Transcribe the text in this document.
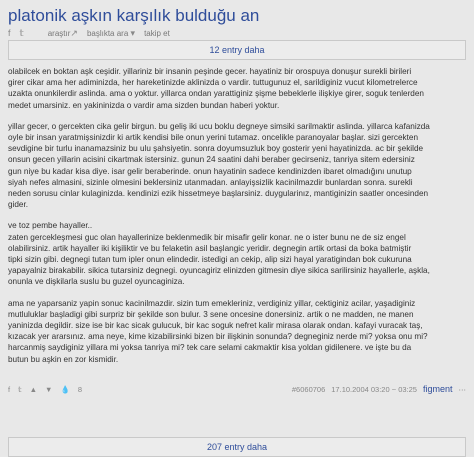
platonik aşkın karşılık bulduğu an
f 𝕥	araştır↗ başlıkta ara ▾ takip et
12 entry daha

olabilcek en boktan aşk ceşidir. yillariniz bir insanin peşinde gecer. hayatiniz bir orospuya donuşur surekli birileri
girer cikar ama her adiminizda, her hareketinizde aklinizda o vardir. tuttugunuz el, sarildiginiz vucut kilometrelerce
uzakta onunkilerdir aslinda. ama o yoktur. yillarca ondan yarattiginiz şişme bebeklerle ilişkiye girer, soguk tenlerden
medet umarsiniz. en yakininizda o vardir ama sizden bundan haberi yoktur.

yillar gecer, o gercekten cika gelir birgun. bu geliş iki ucu boklu degneye simsiki sarilmaktir aslinda. yillarca kafanizda
oyle bir insan yaratmişsinizdir ki artik kendisi bile onun yerini tutamaz. oncelikle paranoyalar başlar. sizi gercekten
sevdigine bir turlu inanamazsiniz bu ulu şahsiyetin. sonra doyumsuzluk boy gosterir yeni hayatinizda. ac bir şekilde
onsun gecen yillarin acisini cikartmak istersiniz. gunun 24 saatini dahi beraber gecirseniz, tanriya sitem edersiniz
gun niye bu kadar kisa diye. isar gelir beraberinde. onun hayatinin sadece kendinizden ibaret olmadığını unutup
siyah nefes almasini, sizinle olmesini beklersiniz utanmadan. anlayişsizlik kacinilmazdir bunlardan sonra. surekli
neden sorusu cinlar kulaginizda. kendinizi ezik hissetmeye başlarsiniz. duygularinız, mantiginizin saatler oncesinden
gider.

ve toz pembe hayaller..
zaten gercekleşmesi guc olan hayallerinize beklenmedik bir misafir gelir konar. ne o ister bunu ne de siz engel
olabilirsiniz. artik hayaller iki kişiliktir ve bu felaketin asil başlangic yeridir. degnegin artik ortasi da boka batmiştir
tipki sizin gibi. degnegi tutan tum ipler onun elindedir. istedigi an cekip, alip sizi hayal yaratigindan bok cukuruna
yapayalniz birakabilir. sikica tutarsiniz degnegi. oyuncagiriz elinizden gitmesin diye sikica sarilirsiniz hayallerle, aşkla,
onunla ve dişkilarla suslu bu guzel oyuncaginiza.

ama ne yaparsaniz yapin sonuc kacinilmazdir. sizin tum emekleriniz, verdiginiz yillar, cektiginiz acilar, yaşadiginiz
mutluluklar başladigi gibi surpriz bir şekilde son bulur. 3 sene oncesine donersiniz. artik o ne madden, ne manen
yaninizda degildir. size ise bir kac sicak gulucuk, bir kac soguk nefret kalir mirasa olarak ondan. kafayi vuracak taş,
kızacak yer ararsınız. ama neye, kime kizabilirsinki bizen bir ilişkinin sonunda? degneginiz nerde mi? yoksa onu mi?
harcanmiş saydiginiz yillara mi yoksa tanriya mi? tek care selami cakmaktir kisa yoldan gidilenere. ve işte bu da
butun bu aşkin en zor kismidir.

f 𝕥 ▲ ▼ 💧 8	#6060706 17.10.2004 03:20 ~ 03:25 figment ⋯
207 entry daha
